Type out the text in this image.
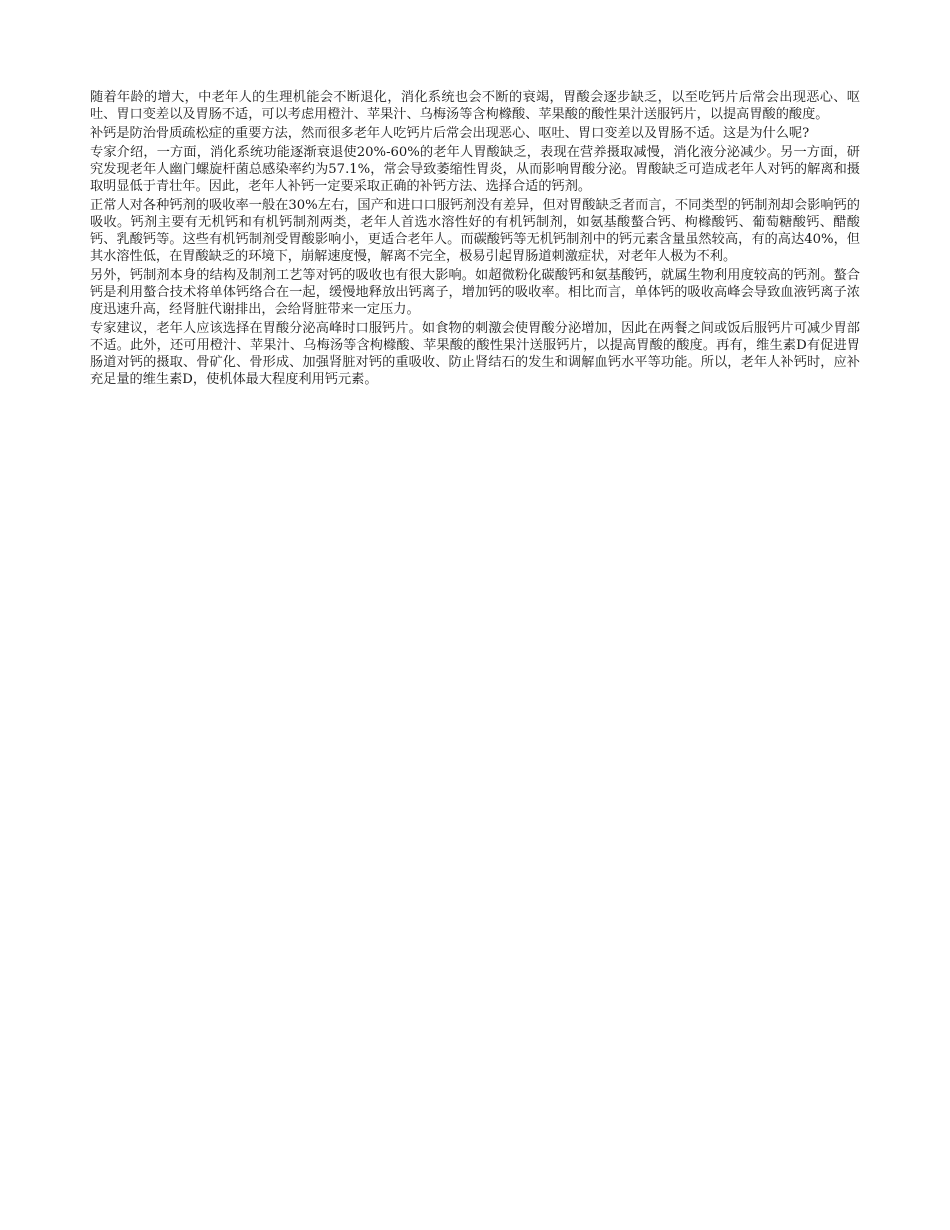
随着年龄的增大，中老年人的生理机能会不断退化，消化系统也会不断的衰竭，胃酸会逐步缺乏，以至吃钙片后常会出现恶心、呕吐、胃口变差以及胃肠不适，可以考虑用橙汁、苹果汁、乌梅汤等含枸橼酸、苹果酸的酸性果汁送服钙片，以提高胃酸的酸度。

补钙是防治骨质疏松症的重要方法，然而很多老年人吃钙片后常会出现恶心、呕吐、胃口变差以及胃肠不适。这是为什么呢?

专家介绍，一方面，消化系统功能逐渐衰退使20%-60%的老年人胃酸缺乏，表现在营养摄取减慢，消化液分泌减少。另一方面，研究发现老年人幽门螺旋杆菌总感染率约为57.1%，常会导致萎缩性胃炎，从而影响胃酸分泌。胃酸缺乏可造成老年人对钙的解离和摄取明显低于青壮年。因此，老年人补钙一定要采取正确的补钙方法、选择合适的钙剂。

正常人对各种钙剂的吸收率一般在30%左右，国产和进口口服钙剂没有差异，但对胃酸缺乏者而言，不同类型的钙制剂却会影响钙的吸收。钙剂主要有无机钙和有机钙制剂两类，老年人首选水溶性好的有机钙制剂，如氨基酸螯合钙、枸橼酸钙、葡萄糖酸钙、醋酸钙、乳酸钙等。这些有机钙制剂受胃酸影响小，更适合老年人。而碳酸钙等无机钙制剂中的钙元素含量虽然较高，有的高达40%，但其水溶性低，在胃酸缺乏的环境下，崩解速度慢，解离不完全，极易引起胃肠道刺激症状，对老年人极为不利。

另外，钙制剂本身的结构及制剂工艺等对钙的吸收也有很大影响。如超微粉化碳酸钙和氨基酸钙，就属生物利用度较高的钙剂。螯合钙是利用螯合技术将单体钙络合在一起，缓慢地释放出钙离子，增加钙的吸收率。相比而言，单体钙的吸收高峰会导致血液钙离子浓度迅速升高，经肾脏代谢排出，会给肾脏带来一定压力。

专家建议，老年人应该选择在胃酸分泌高峰时口服钙片。如食物的刺激会使胃酸分泌增加，因此在两餐之间或饭后服钙片可减少胃部不适。此外，还可用橙汁、苹果汁、乌梅汤等含枸橼酸、苹果酸的酸性果汁送服钙片，以提高胃酸的酸度。再有，维生素D有促进胃肠道对钙的摄取、骨矿化、骨形成、加强肾脏对钙的重吸收、防止肾结石的发生和调解血钙水平等功能。所以，老年人补钙时，应补充足量的维生素D，使机体最大程度利用钙元素。
